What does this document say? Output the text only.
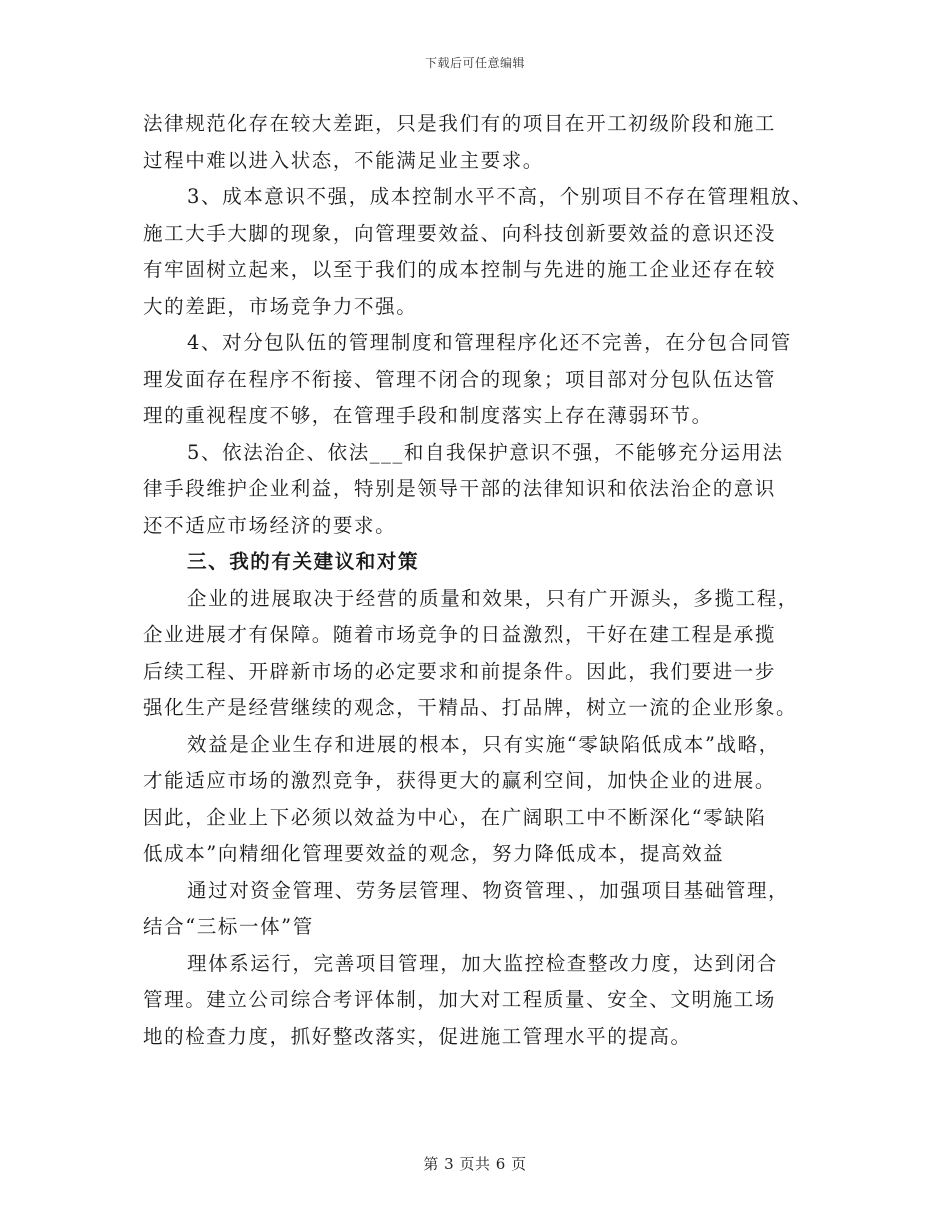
下载后可任意编辑
法律规范化存在较大差距，只是我们有的项目在开工初级阶段和施工
过程中难以进入状态，不能满足业主要求。
3、成本意识不强，成本控制水平不高，个别项目不存在管理粗放、
施工大手大脚的现象，向管理要效益、向科技创新要效益的意识还没
有牢固树立起来，以至于我们的成本控制与先进的施工企业还存在较
大的差距，市场竞争力不强。
4、对分包队伍的管理制度和管理程序化还不完善，在分包合同管
理发面存在程序不衔接、管理不闭合的现象；项目部对分包队伍达管
理的重视程度不够，在管理手段和制度落实上存在薄弱环节。
5、依法治企、依法___和自我保护意识不强，不能够充分运用法
律手段维护企业利益，特别是领导干部的法律知识和依法治企的意识
还不适应市场经济的要求。
三、我的有关建议和对策
企业的进展取决于经营的质量和效果，只有广开源头，多揽工程，
企业进展才有保障。随着市场竞争的日益激烈，干好在建工程是承揽
后续工程、开辟新市场的必定要求和前提条件。因此，我们要进一步
强化生产是经营继续的观念，干精品、打品牌，树立一流的企业形象。
效益是企业生存和进展的根本，只有实施“零缺陷低成本”战略，
才能适应市场的激烈竞争，获得更大的赢利空间，加快企业的进展。
因此，企业上下必须以效益为中心，在广阔职工中不断深化“零缺陷
低成本”向精细化管理要效益的观念，努力降低成本，提高效益
通过对资金管理、劳务层管理、物资管理、，加强项目基础管理，
结合“三标一体”管
理体系运行，完善项目管理，加大监控检查整改力度，达到闭合
管理。建立公司综合考评体制，加大对工程质量、安全、文明施工场
地的检查力度，抓好整改落实，促进施工管理水平的提高。
第 3 页共 6 页
